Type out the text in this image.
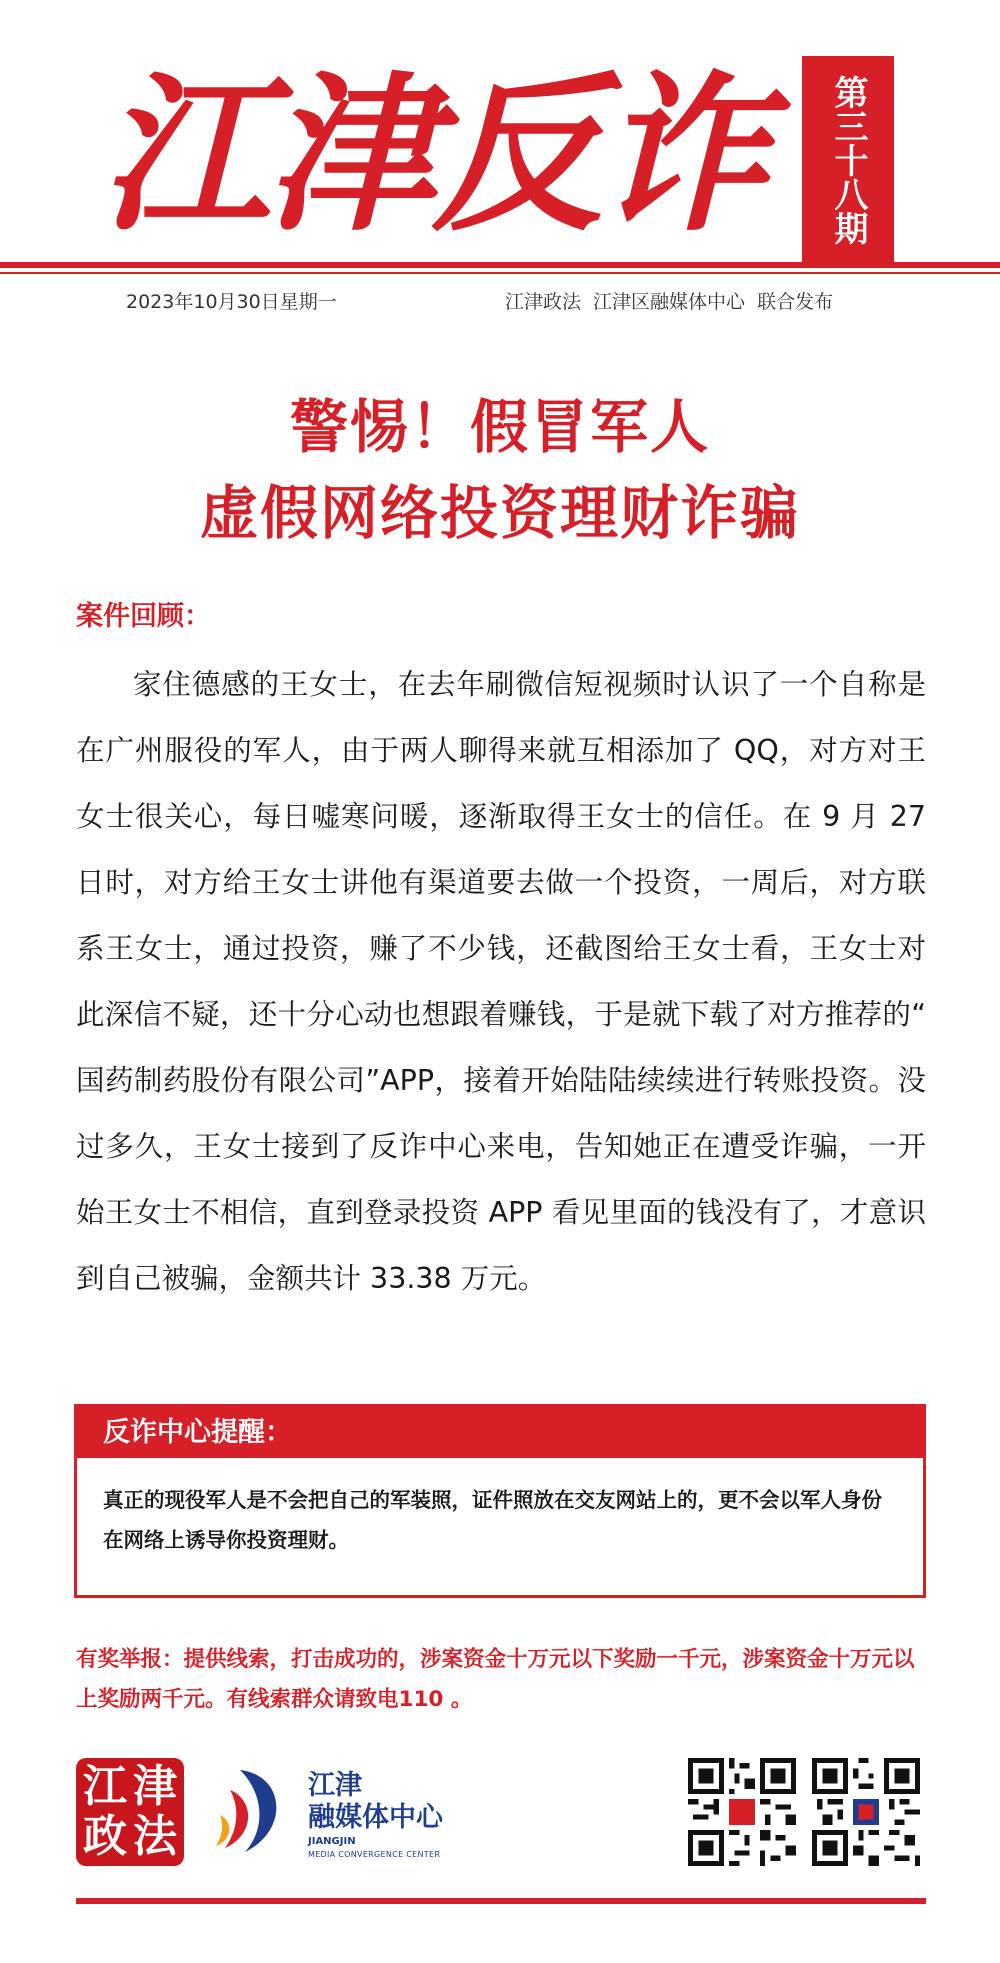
江津反诈	第三十八期
2023年10月30日星期一	江津政法 江津区融媒体中心 联合发布
警惕！假冒军人
虚假网络投资理财诈骗
案件回顾：
家住德感的王女士，在去年刷微信短视频时认识了一个自称是在广州服役的军人，由于两人聊得来就互相添加了 QQ，对方对王女士很关心，每日嘘寒问暖，逐渐取得王女士的信任。在 9 月 27 日时，对方给王女士讲他有渠道要去做一个投资，一周后，对方联系王女士，通过投资，赚了不少钱，还截图给王女士看，王女士对此深信不疑，还十分心动也想跟着赚钱，于是就下载了对方推荐的“ 国药制药股份有限公司”APP，接着开始陆陆续续进行转账投资。没过多久，王女士接到了反诈中心来电，告知她正在遭受诈骗，一开始王女士不相信，直到登录投资 APP 看见里面的钱没有了，才意识到自己被骗，金额共计 33.38 万元。
反诈中心提醒：
真正的现役军人是不会把自己的军装照，证件照放在交友网站上的，更不会以军人身份在网络上诱导你投资理财。
有奖举报：提供线索，打击成功的，涉案资金十万元以下奖励一千元，涉案资金十万元以上奖励两千元。有线索群众请致电110 。
江 津
政 法
江津
融媒体中心
JIANGJIN
MEDIA CONVERGENCE CENTER
